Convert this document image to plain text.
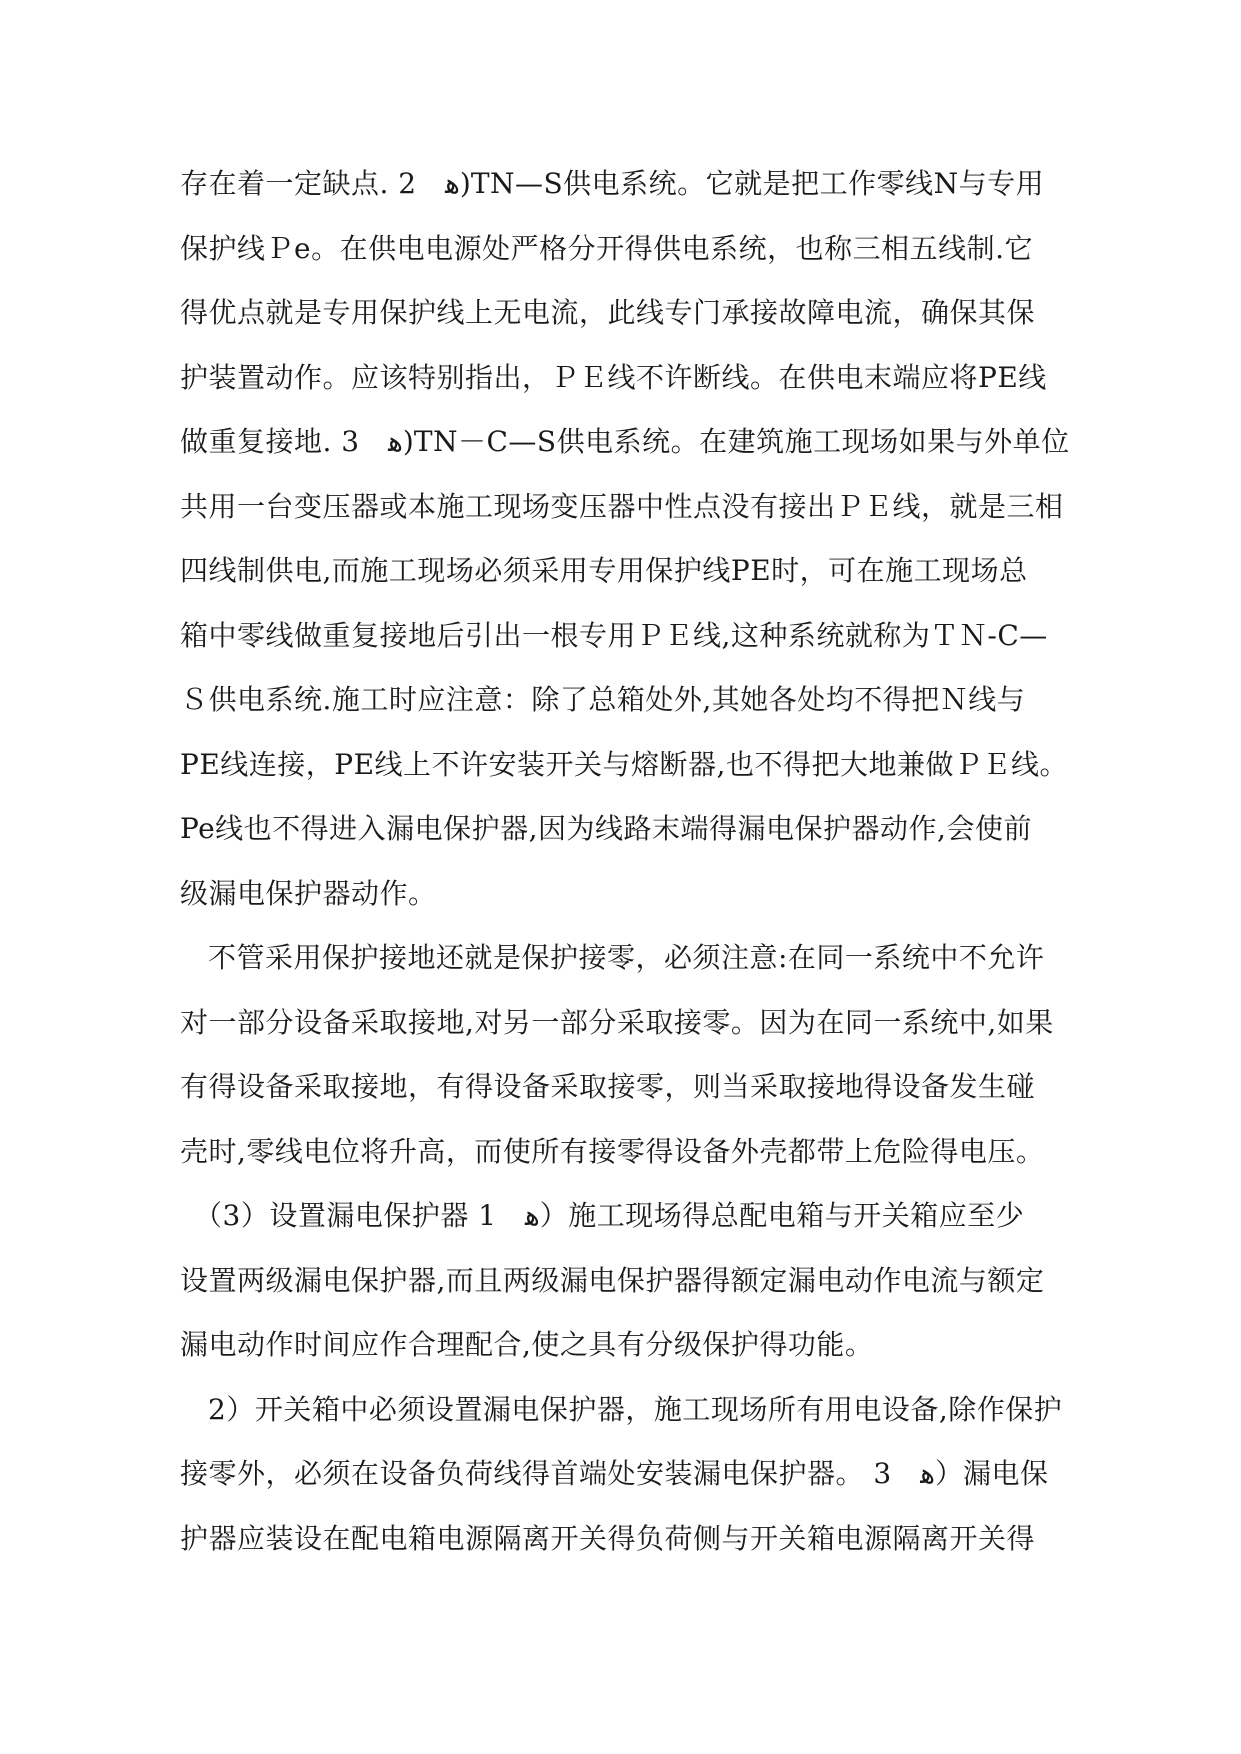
存在着一定缺点. 2　ﻫ)TN—S供电系统。它就是把工作零线N与专用
保护线Ｐe。在供电电源处严格分开得供电系统，也称三相五线制.它
得优点就是专用保护线上无电流，此线专门承接故障电流，确保其保
护装置动作。应该特别指出，ＰＥ线不许断线。在供电末端应将PE线
做重复接地. 3　ﻫ)TN－C—S供电系统。在建筑施工现场如果与外单位
共用一台变压器或本施工现场变压器中性点没有接出ＰＥ线，就是三相
四线制供电,而施工现场必须采用专用保护线PE时，可在施工现场总
箱中零线做重复接地后引出一根专用ＰＥ线,这种系统就称为ＴＮ-C—
Ｓ供电系统.施工时应注意：除了总箱处外,其她各处均不得把Ｎ线与
PE线连接，PE线上不许安装开关与熔断器,也不得把大地兼做ＰＥ线。
Pe线也不得进入漏电保护器,因为线路末端得漏电保护器动作,会使前
级漏电保护器动作。
不管采用保护接地还就是保护接零，必须注意:在同一系统中不允许
对一部分设备采取接地,对另一部分采取接零。因为在同一系统中,如果
有得设备采取接地，有得设备采取接零，则当采取接地得设备发生碰
壳时,零线电位将升高，而使所有接零得设备外壳都带上危险得电压。
（3）设置漏电保护器 1　ﻫ）施工现场得总配电箱与开关箱应至少
设置两级漏电保护器,而且两级漏电保护器得额定漏电动作电流与额定
漏电动作时间应作合理配合,使之具有分级保护得功能。
2）开关箱中必须设置漏电保护器，施工现场所有用电设备,除作保护
接零外，必须在设备负荷线得首端处安装漏电保护器。 3　ﻫ）漏电保
护器应装设在配电箱电源隔离开关得负荷侧与开关箱电源隔离开关得
